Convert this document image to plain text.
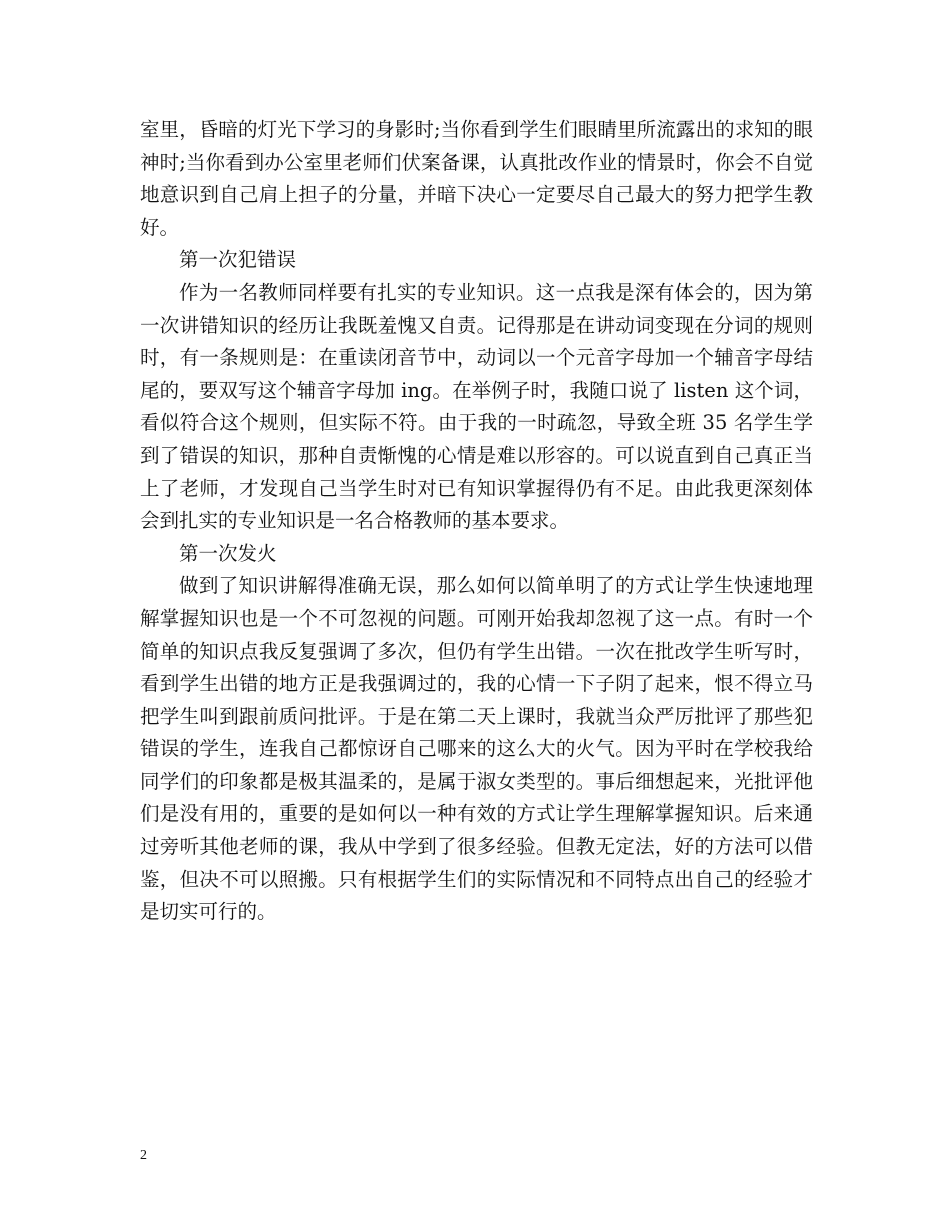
室里，昏暗的灯光下学习的身影时;当你看到学生们眼睛里所流露出的求知的眼神时;当你看到办公室里老师们伏案备课，认真批改作业的情景时，你会不自觉地意识到自己肩上担子的分量，并暗下决心一定要尽自己最大的努力把学生教好。

第一次犯错误

作为一名教师同样要有扎实的专业知识。这一点我是深有体会的，因为第一次讲错知识的经历让我既羞愧又自责。记得那是在讲动词变现在分词的规则时，有一条规则是：在重读闭音节中，动词以一个元音字母加一个辅音字母结尾的，要双写这个辅音字母加 ing。在举例子时，我随口说了 listen 这个词，看似符合这个规则，但实际不符。由于我的一时疏忽，导致全班 35 名学生学到了错误的知识，那种自责惭愧的心情是难以形容的。可以说直到自己真正当上了老师，才发现自己当学生时对已有知识掌握得仍有不足。由此我更深刻体会到扎实的专业知识是一名合格教师的基本要求。

第一次发火

做到了知识讲解得准确无误，那么如何以简单明了的方式让学生快速地理解掌握知识也是一个不可忽视的问题。可刚开始我却忽视了这一点。有时一个简单的知识点我反复强调了多次，但仍有学生出错。一次在批改学生听写时，看到学生出错的地方正是我强调过的，我的心情一下子阴了起来，恨不得立马把学生叫到跟前质问批评。于是在第二天上课时，我就当众严厉批评了那些犯错误的学生，连我自己都惊讶自己哪来的这么大的火气。因为平时在学校我给同学们的印象都是极其温柔的，是属于淑女类型的。事后细想起来，光批评他们是没有用的，重要的是如何以一种有效的方式让学生理解掌握知识。后来通过旁听其他老师的课，我从中学到了很多经验。但教无定法，好的方法可以借鉴，但决不可以照搬。只有根据学生们的实际情况和不同特点出自己的经验才是切实可行的。

2
